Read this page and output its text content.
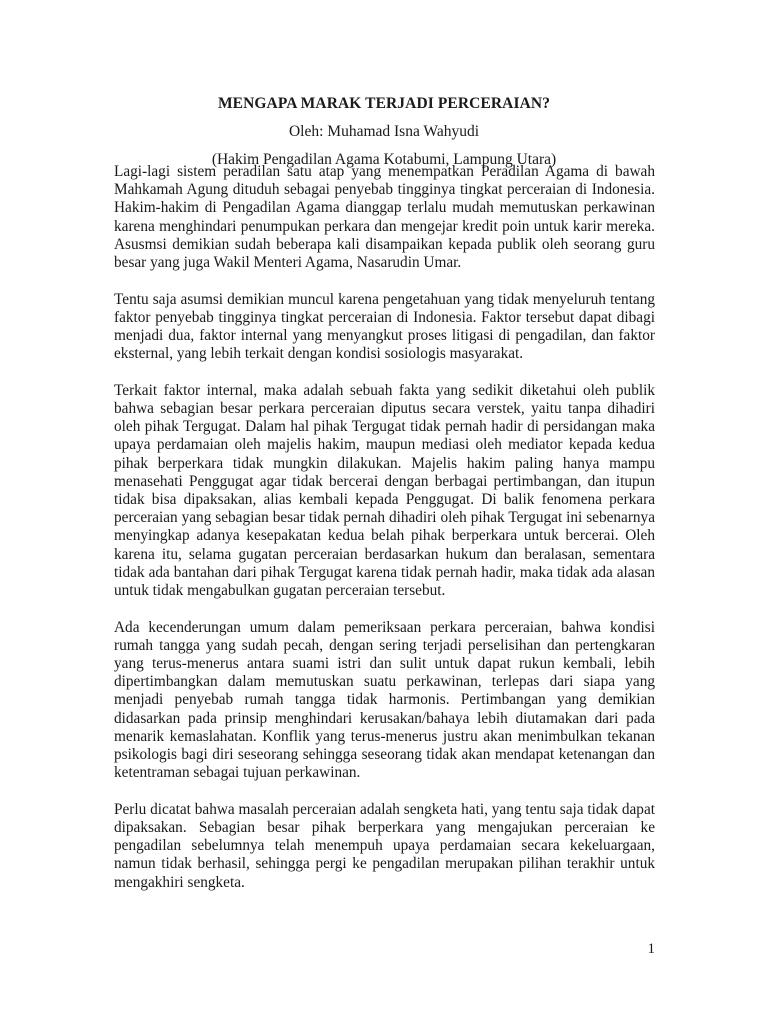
MENGAPA MARAK TERJADI PERCERAIAN?
Oleh: Muhamad Isna Wahyudi
(Hakim Pengadilan Agama Kotabumi, Lampung Utara)

Lagi-lagi sistem peradilan satu atap yang menempatkan Peradilan Agama di bawah Mahkamah Agung dituduh sebagai penyebab tingginya tingkat perceraian di Indonesia. Hakim-hakim di Pengadilan Agama dianggap terlalu mudah memutuskan perkawinan karena menghindari penumpukan perkara dan mengejar kredit poin untuk karir mereka. Asusmsi demikian sudah beberapa kali disampaikan kepada publik oleh seorang guru besar yang juga Wakil Menteri Agama, Nasarudin Umar.

Tentu saja asumsi demikian muncul karena pengetahuan yang tidak menyeluruh tentang faktor penyebab tingginya tingkat perceraian di Indonesia. Faktor tersebut dapat dibagi menjadi dua, faktor internal yang menyangkut proses litigasi di pengadilan, dan faktor eksternal, yang lebih terkait dengan kondisi sosiologis masyarakat.

Terkait faktor internal, maka adalah sebuah fakta yang sedikit diketahui oleh publik bahwa sebagian besar perkara perceraian diputus secara verstek, yaitu tanpa dihadiri oleh pihak Tergugat. Dalam hal pihak Tergugat tidak pernah hadir di persidangan maka upaya perdamaian oleh majelis hakim, maupun mediasi oleh mediator kepada kedua pihak berperkara tidak mungkin dilakukan. Majelis hakim paling hanya mampu menasehati Penggugat agar tidak bercerai dengan berbagai pertimbangan, dan itupun tidak bisa dipaksakan, alias kembali kepada Penggugat. Di balik fenomena perkara perceraian yang sebagian besar tidak pernah dihadiri oleh pihak Tergugat ini sebenarnya menyingkap adanya kesepakatan kedua belah pihak berperkara untuk bercerai. Oleh karena itu, selama gugatan perceraian berdasarkan hukum dan beralasan, sementara tidak ada bantahan dari pihak Tergugat karena tidak pernah hadir, maka tidak ada alasan untuk tidak mengabulkan gugatan perceraian tersebut.

Ada kecenderungan umum dalam pemeriksaan perkara perceraian, bahwa kondisi rumah tangga yang sudah pecah, dengan sering terjadi perselisihan dan pertengkaran yang terus-menerus antara suami istri dan sulit untuk dapat rukun kembali, lebih dipertimbangkan dalam memutuskan suatu perkawinan, terlepas dari siapa yang menjadi penyebab rumah tangga tidak harmonis. Pertimbangan yang demikian didasarkan pada prinsip menghindari kerusakan/bahaya lebih diutamakan dari pada menarik kemaslahatan. Konflik yang terus-menerus justru akan menimbulkan tekanan psikologis bagi diri seseorang sehingga seseorang tidak akan mendapat ketenangan dan ketentraman sebagai tujuan perkawinan.

Perlu dicatat bahwa masalah perceraian adalah sengketa hati, yang tentu saja tidak dapat dipaksakan. Sebagian besar pihak berperkara yang mengajukan perceraian ke pengadilan sebelumnya telah menempuh upaya perdamaian secara kekeluargaan, namun tidak berhasil, sehingga pergi ke pengadilan merupakan pilihan terakhir untuk mengakhiri sengketa.

1
